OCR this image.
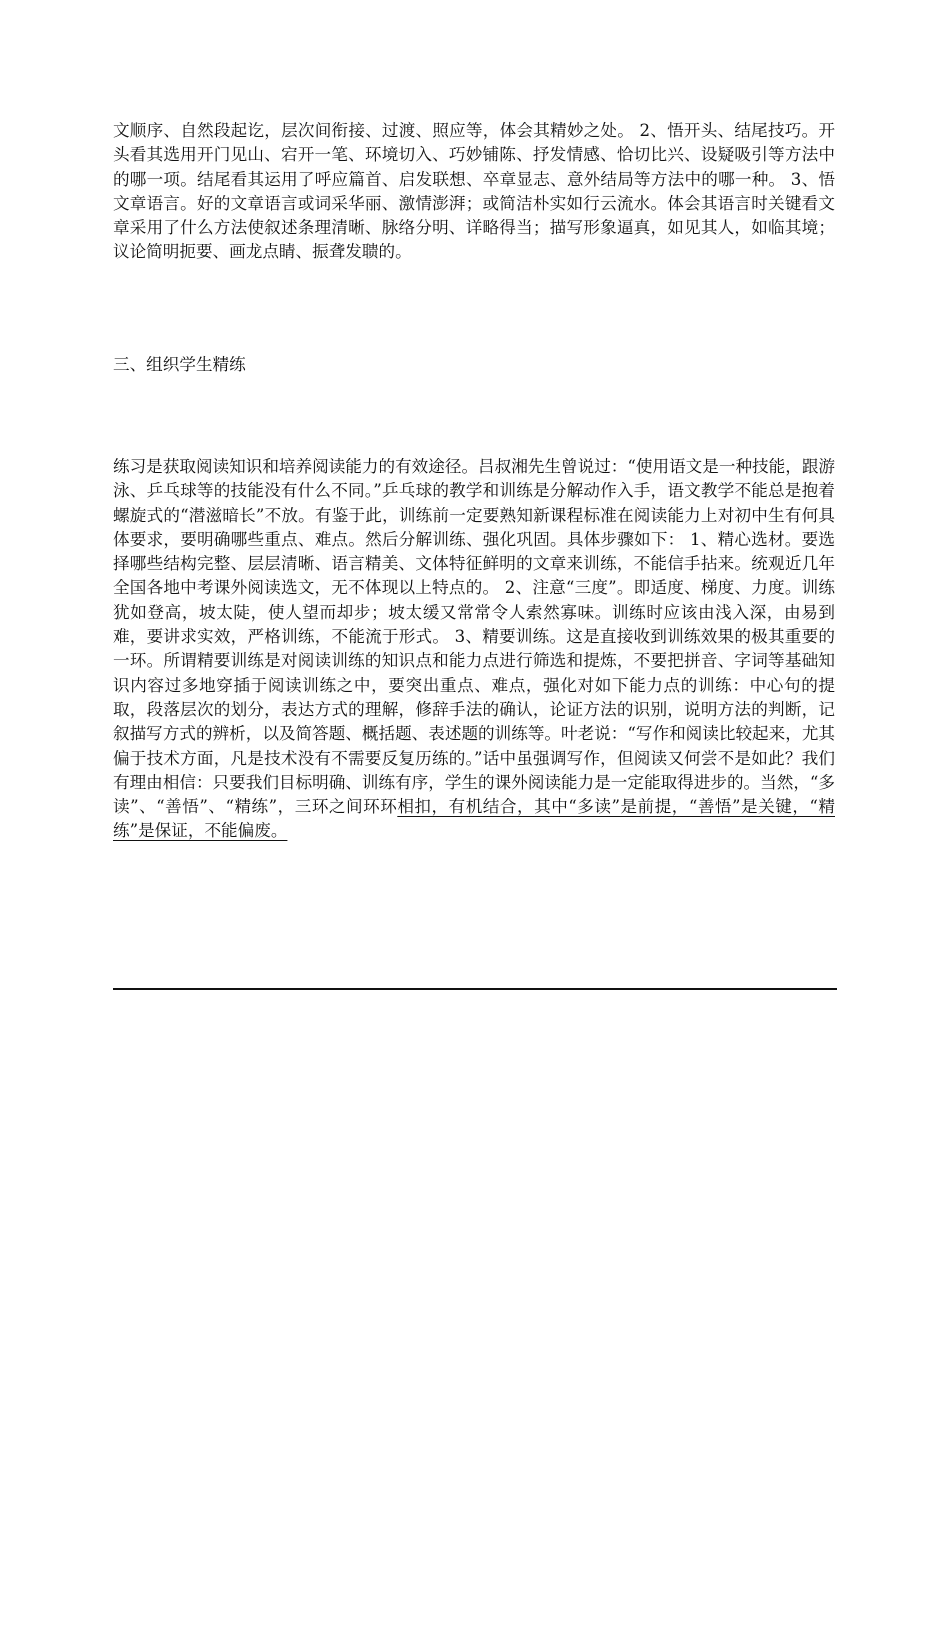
文顺序、自然段起讫，层次间衔接、过渡、照应等，体会其精妙之处。 2、悟开头、结尾技巧。开头看其选用开门见山、宕开一笔、环境切入、巧妙铺陈、抒发情感、恰切比兴、设疑吸引等方法中的哪一项。结尾看其运用了呼应篇首、启发联想、卒章显志、意外结局等方法中的哪一种。 3、悟文章语言。好的文章语言或词采华丽、激情澎湃；或简洁朴实如行云流水。体会其语言时关键看文章采用了什么方法使叙述条理清晰、脉络分明、详略得当；描写形象逼真，如见其人，如临其境；议论简明扼要、画龙点睛、振聋发聩的。

三、组织学生精练

练习是获取阅读知识和培养阅读能力的有效途径。吕叔湘先生曾说过：“使用语文是一种技能，跟游泳、乒乓球等的技能没有什么不同。”乒乓球的教学和训练是分解动作入手，语文教学不能总是抱着螺旋式的“潜滋暗长”不放。有鉴于此，训练前一定要熟知新课程标准在阅读能力上对初中生有何具体要求，要明确哪些重点、难点。然后分解训练、强化巩固。具体步骤如下： 1、精心选材。要选择哪些结构完整、层层清晰、语言精美、文体特征鲜明的文章来训练，不能信手拈来。统观近几年全国各地中考课外阅读选文，无不体现以上特点的。 2、注意“三度”。即适度、梯度、力度。训练犹如登高，坡太陡，使人望而却步；坡太缓又常常令人索然寡味。训练时应该由浅入深，由易到难，要讲求实效，严格训练，不能流于形式。 3、精要训练。这是直接收到训练效果的极其重要的一环。所谓精要训练是对阅读训练的知识点和能力点进行筛选和提炼，不要把拼音、字词等基础知识内容过多地穿插于阅读训练之中，要突出重点、难点，强化对如下能力点的训练：中心句的提取，段落层次的划分，表达方式的理解，修辞手法的确认，论证方法的识别，说明方法的判断，记叙描写方式的辨析，以及简答题、概括题、表述题的训练等。叶老说：“写作和阅读比较起来，尤其偏于技术方面，凡是技术没有不需要反复历练的。”话中虽强调写作，但阅读又何尝不是如此？我们有理由相信：只要我们目标明确、训练有序，学生的课外阅读能力是一定能取得进步的。当然，“多读”、“善悟”、“精练”，三环之间环环相扣，有机结合，其中“多读”是前提，“善悟”是关键，“精练”是保证，不能偏废。
